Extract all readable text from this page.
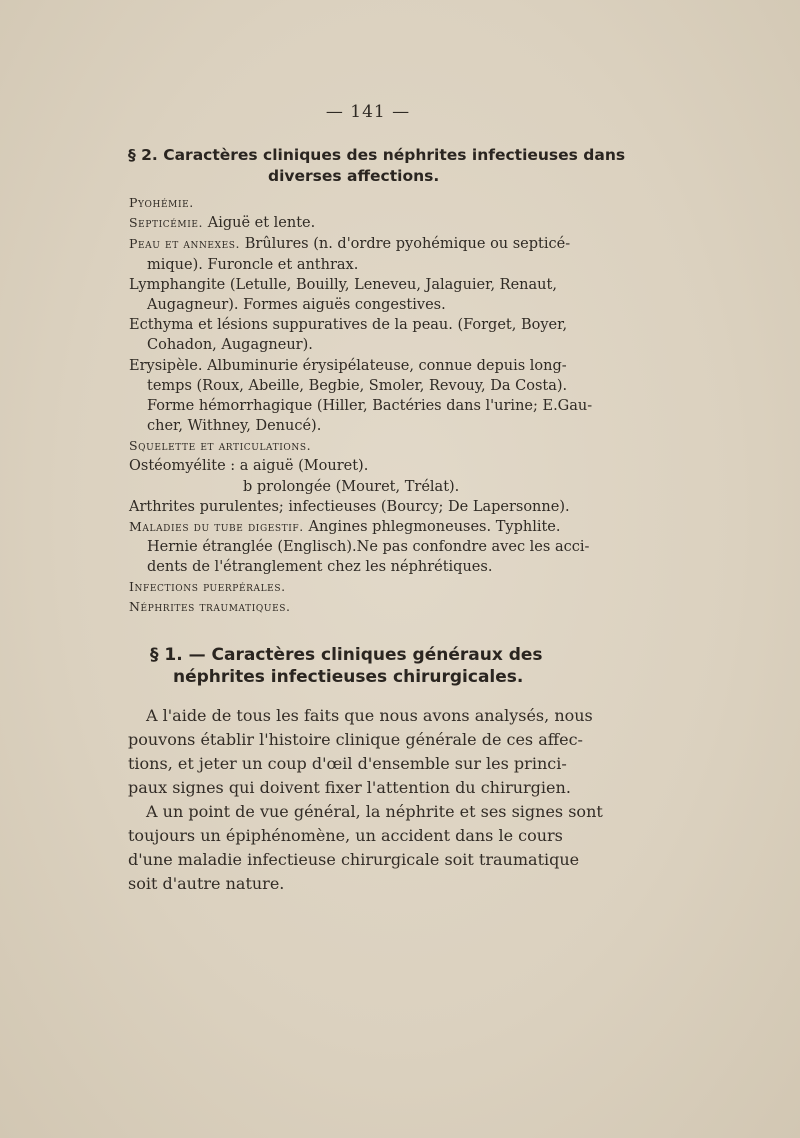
— 141 —
§ 2. Caractères cliniques des néphrites infectieuses dans
diverses affections.
Pyohémie.
Septicémie. Aiguë et lente.
Peau et annexes. Brûlures (n. d'ordre pyohémique ou septicé-
mique). Furoncle et anthrax.
Lymphangite (Letulle, Bouilly, Leneveu, Jalaguier, Renaut,
Augagneur). Formes aiguës congestives.
Ecthyma et lésions suppuratives de la peau. (Forget, Boyer,
Cohadon, Augagneur).
Erysipèle. Albuminurie érysipélateuse, connue depuis long-
temps (Roux, Abeille, Begbie, Smoler, Revouy, Da Costa).
Forme hémorrhagique (Hiller, Bactéries dans l'urine; E.Gau-
cher, Withney, Denucé).
Squelette et articulations.
Ostéomyélite : a aiguë (Mouret).
b prolongée (Mouret, Trélat).
Arthrites purulentes; infectieuses (Bourcy; De Lapersonne).
Maladies du tube digestif. Angines phlegmoneuses. Typhlite.
Hernie étranglée (Englisch).Ne pas confondre avec les acci-
dents de l'étranglement chez les néphrétiques.
Infections puerpérales.
Néphrites traumatiques.
§ 1. — Caractères cliniques généraux des
néphrites infectieuses chirurgicales.
A l'aide de tous les faits que nous avons analysés, nous
pouvons établir l'histoire clinique générale de ces affec-
tions, et jeter un coup d'œil d'ensemble sur les princi-
paux signes qui doivent fixer l'attention du chirurgien.
A un point de vue général, la néphrite et ses signes sont
toujours un épiphénomène, un accident dans le cours
d'une maladie infectieuse chirurgicale soit traumatique
soit d'autre nature.
